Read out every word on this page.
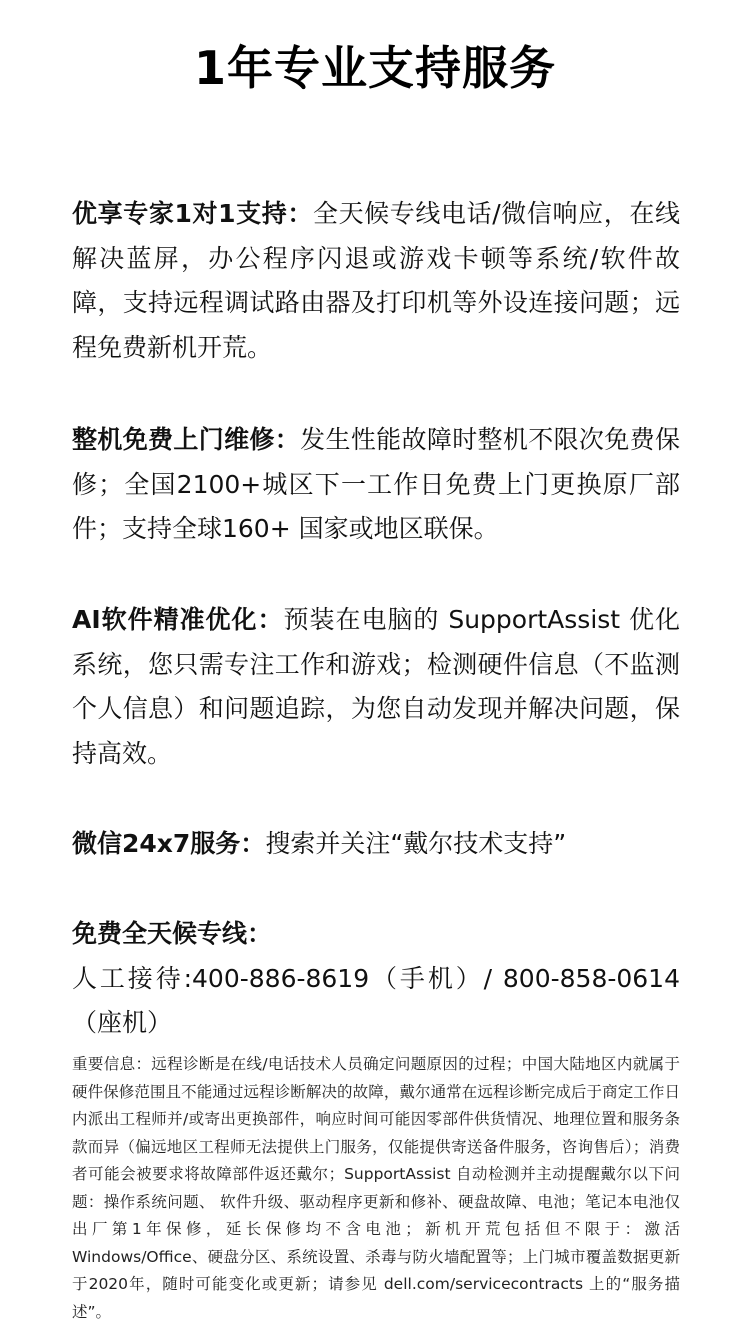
1年专业支持服务

优享专家1对1支持：全天候专线电话/微信响应，在线解决蓝屏，办公程序闪退或游戏卡顿等系统/软件故障，支持远程调试路由器及打印机等外设连接问题；远程免费新机开荒。

整机免费上门维修：发生性能故障时整机不限次免费保修；全国2100+城区下一工作日免费上门更换原厂部件；支持全球160+ 国家或地区联保。

AI软件精准优化：预装在电脑的 SupportAssist 优化系统，您只需专注工作和游戏；检测硬件信息（不监测个人信息）和问题追踪，为您自动发现并解决问题，保持高效。

微信24x7服务：搜索并关注“戴尔技术支持”

免费全天候专线：
人工接待:400-886-8619（手机）/ 800-858-0614（座机）

重要信息：远程诊断是在线/电话技术人员确定问题原因的过程；中国大陆地区内就属于硬件保修范围且不能通过远程诊断解决的故障，戴尔通常在远程诊断完成后于商定工作日内派出工程师并/或寄出更换部件，响应时间可能因零部件供货情况、地理位置和服务条款而异（偏远地区工程师无法提供上门服务，仅能提供寄送备件服务，咨询售后）；消费者可能会被要求将故障部件返还戴尔；SupportAssist 自动检测并主动提醒戴尔以下问题：操作系统问题、 软件升级、驱动程序更新和修补、硬盘故障、电池；笔记本电池仅出厂第1年保修，延长保修均不含电池；新机开荒包括但不限于：激活Windows/Office、硬盘分区、系统设置、杀毒与防火墙配置等；上门城市覆盖数据更新于2020年，随时可能变化或更新；请参见 dell.com/servicecontracts 上的“服务描述”。
